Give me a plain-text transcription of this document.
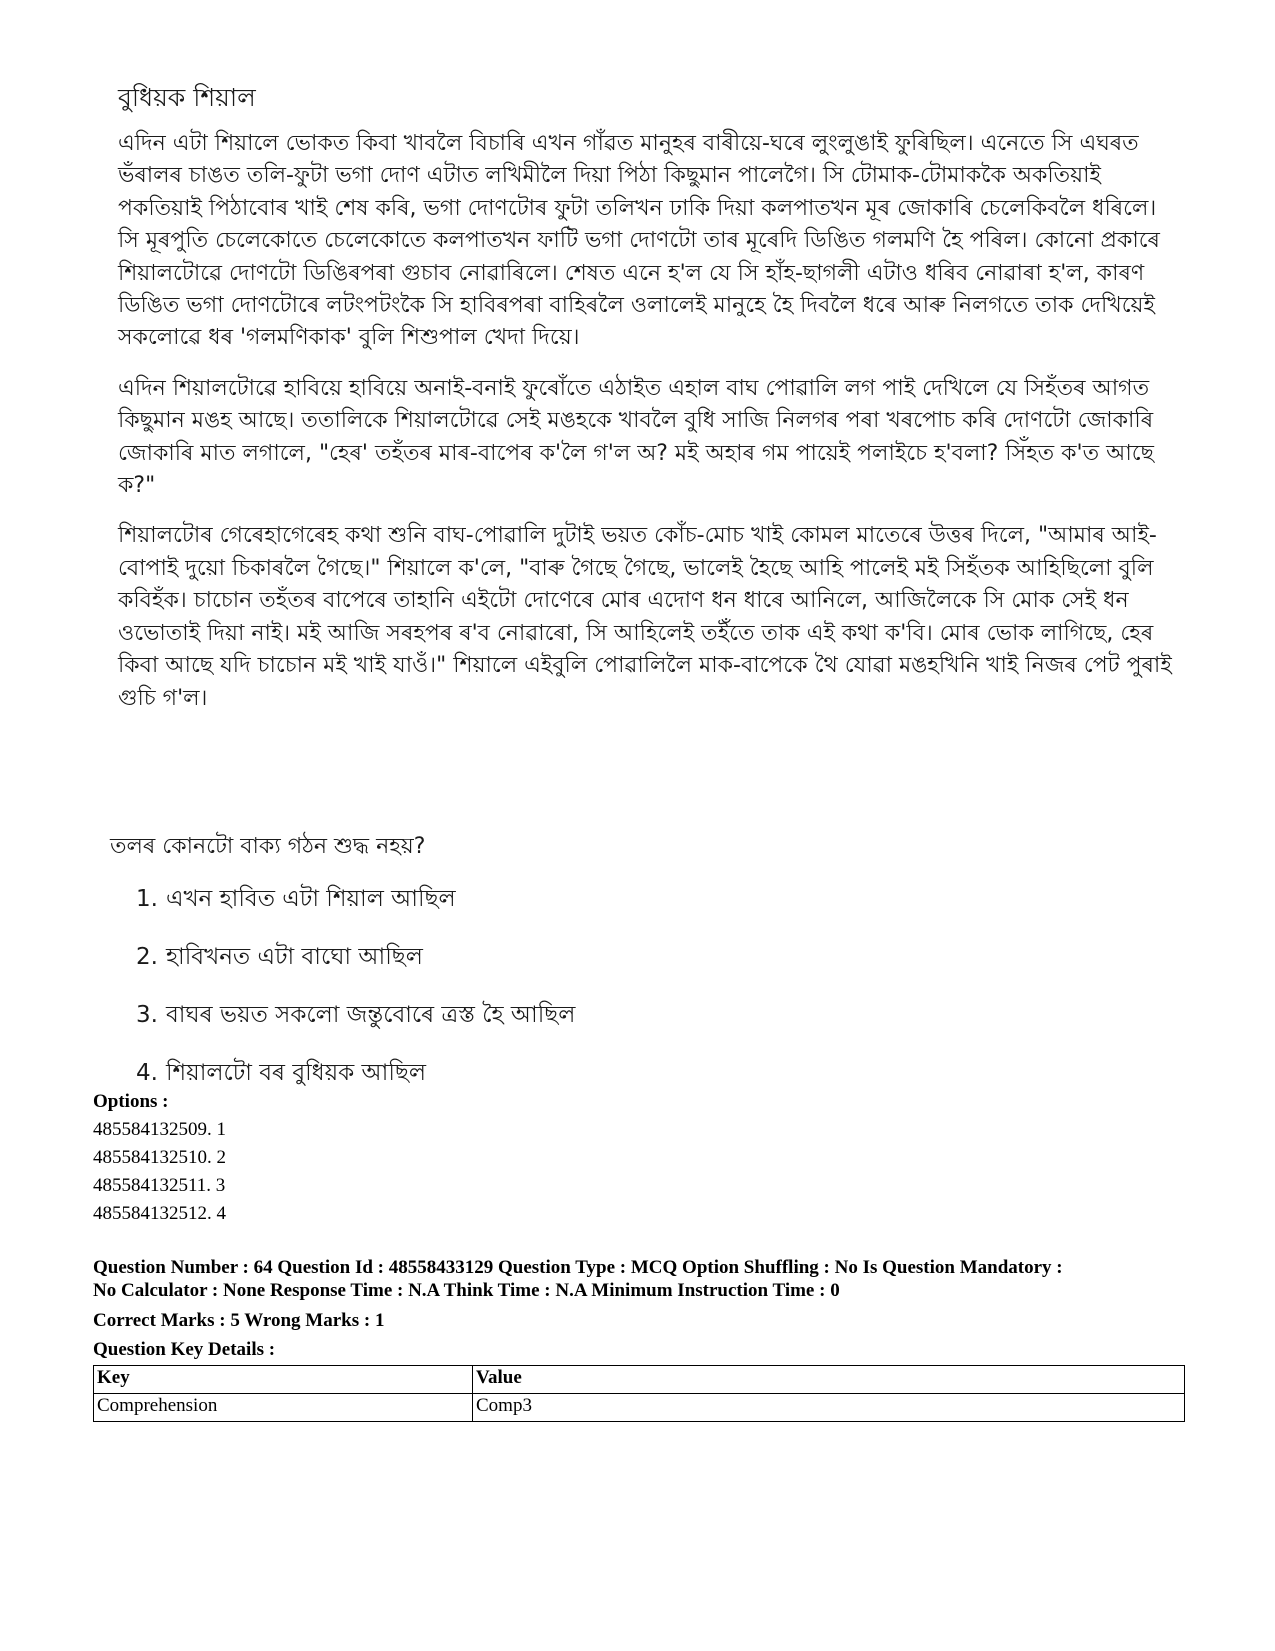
বুধিয়ক শিয়াল

এদিন এটা শিয়ালে ভোকত কিবা খাবলৈ বিচাৰি এখন গাঁৱত মানুহৰ বাৰীয়ে-ঘৰে লুংলুঙাই ফুৰিছিল। এনেতে সি এঘৰত ভঁৰালৰ চাঙত তলি-ফুটা ভগা দোণ এটাত লখিমীলৈ দিয়া পিঠা কিছুমান পালেগৈ। সি টোমাক-টোমাককৈ অকতিয়াই পকতিয়াই পিঠাবোৰ খাই শেষ কৰি, ভগা দোণটোৰ ফুটা তলিখন ঢাকি দিয়া কলপাতখন মূৰ জোকাৰি চেলেকিবলৈ ধৰিলে। সি মূৰপুতি চেলেকোতে চেলেকোতে কলপাতখন ফাটি ভগা দোণটো তাৰ মূৰেদি ডিঙিত গলমণি হৈ পৰিল। কোনো প্ৰকাৰে শিয়ালটোৱে দোণটো ডিঙিৰপৰা গুচাব নোৱাৰিলে। শেষত এনে হ'ল যে সি হাঁহ-ছাগলী এটাও ধৰিব নোৱাৰা হ'ল, কাৰণ ডিঙিত ভগা দোণটোৰে লটংপটংকৈ সি হাবিৰপৰা বাহিৰলৈ ওলালেই মানুহে হৈ দিবলৈ ধৰে আৰু নিলগতে তাক দেখিয়েই সকলোৱে ধৰ 'গলমণিকাক' বুলি শিশুপাল খেদা দিয়ে।

এদিন শিয়ালটোৱে হাবিয়ে হাবিয়ে অনাই-বনাই ফুৰোঁতে এঠাইত এহাল বাঘ পোৱালি লগ পাই দেখিলে যে সিহঁতৰ আগত কিছুমান মঙহ আছে। ততালিকে শিয়ালটোৱে সেই মঙহকে খাবলৈ বুধি সাজি নিলগৰ পৰা খৰপোচ কৰি দোণটো জোকাৰি জোকাৰি মাত লগালে, "হেৰ' তহঁতৰ মাৰ-বাপেৰ ক'লৈ গ'ল অ? মই অহাৰ গম পায়েই পলাইচে হ'বলা? সিঁহত ক'ত আছে ক?"

শিয়ালটোৰ গেৰেহাগেৰেহ কথা শুনি বাঘ-পোৱালি দুটাই ভয়ত কোঁচ-মোচ খাই কোমল মাতেৰে উত্তৰ দিলে, "আমাৰ আই-বোপাই দুয়ো চিকাৰলৈ গৈছে।" শিয়ালে ক'লে, "বাৰু গৈছে গৈছে, ভালেই হৈছে আহি পালেই মই সিহঁতক আহিছিলো বুলি কবিহঁক। চাচোন তহঁতৰ বাপেৰে তাহানি এইটো দোণেৰে মোৰ এদোণ ধন ধাৰে আনিলে, আজিলৈকে সি মোক সেই ধন ওভোতাই দিয়া নাই। মই আজি সৰহপৰ ৰ'ব নোৱাৰো, সি আহিলেই তইঁতে তাক এই কথা ক'বি। মোৰ ভোক লাগিছে, হেৰ কিবা আছে যদি চাচোন মই খাই যাওঁ।" শিয়ালে এইবুলি পোৱালিলৈ মাক-বাপেকে থৈ যোৱা মঙহখিনি খাই নিজৰ পেট পুৰাই গুচি গ'ল।

তলৰ কোনটো বাক্য গঠন শুদ্ধ নহয়?

1. এখন হাবিত এটা শিয়াল আছিল
2. হাবিখনত এটা বাঘো আছিল
3. বাঘৰ ভয়ত সকলো জন্তুবোৰে ত্ৰস্ত হৈ আছিল
4. শিয়ালটো বৰ বুধিয়ক আছিল
Options :
485584132509. 1
485584132510. 2
485584132511. 3
485584132512. 4
Question Number : 64 Question Id : 48558433129 Question Type : MCQ Option Shuffling : No Is Question Mandatory :
No Calculator : None Response Time : N.A Think Time : N.A Minimum Instruction Time : 0
Correct Marks : 5 Wrong Marks : 1
Question Key Details :
Key	Value
Comprehension	Comp3
